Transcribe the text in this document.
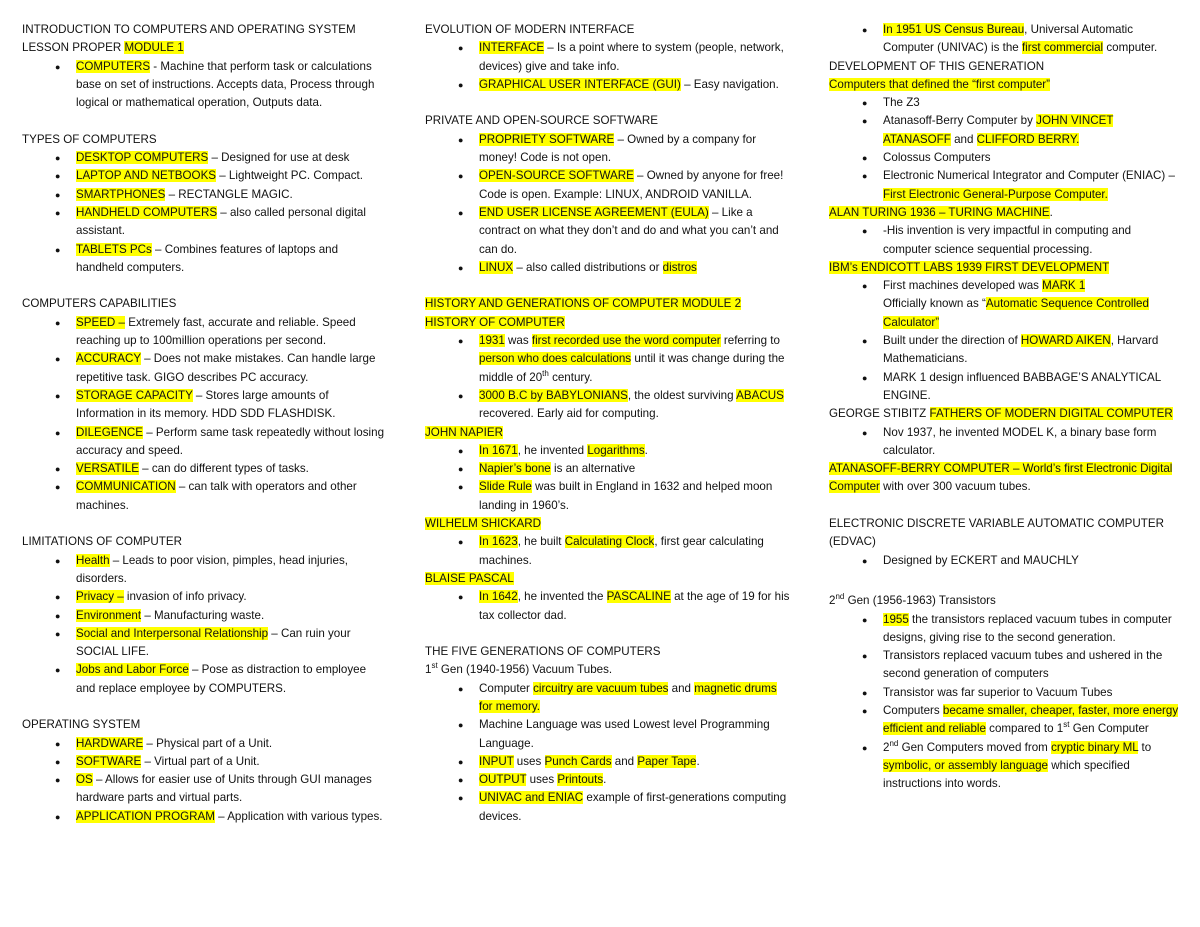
INTRODUCTION TO COMPUTERS AND OPERATING SYSTEM
LESSON PROPER MODULE 1
● COMPUTERS - Machine that perform task or calculations base on set of instructions. Accepts data, Process through logical or mathematical operation, Outputs data.
TYPES OF COMPUTERS
● DESKTOP COMPUTERS – Designed for use at desk
● LAPTOP AND NETBOOKS – Lightweight PC. Compact.
● SMARTPHONES – RECTANGLE MAGIC.
● HANDHELD COMPUTERS – also called personal digital assistant.
● TABLETS PCs – Combines features of laptops and handheld computers.
COMPUTERS CAPABILITIES
● SPEED – Extremely fast, accurate and reliable. Speed reaching up to 100million operations per second.
● ACCURACY – Does not make mistakes. Can handle large repetitive task. GIGO describes PC accuracy.
● STORAGE CAPACITY – Stores large amounts of Information in its memory. HDD SDD FLASHDISK.
● DILEGENCE – Perform same task repeatedly without losing accuracy and speed.
● VERSATILE – can do different types of tasks.
● COMMUNICATION – can talk with operators and other machines.
LIMITATIONS OF COMPUTER
● Health – Leads to poor vision, pimples, head injuries, disorders.
● Privacy – invasion of info privacy.
● Environment – Manufacturing waste.
● Social and Interpersonal Relationship – Can ruin your SOCIAL LIFE.
● Jobs and Labor Force – Pose as distraction to employee and replace employee by COMPUTERS.
OPERATING SYSTEM
● HARDWARE – Physical part of a Unit.
● SOFTWARE – Virtual part of a Unit.
● OS – Allows for easier use of Units through GUI manages hardware parts and virtual parts.
● APPLICATION PROGRAM – Application with various types.
EVOLUTION OF MODERN INTERFACE
● INTERFACE – Is a point where to system (people, network, devices) give and take info.
● GRAPHICAL USER INTERFACE (GUI) – Easy navigation.
PRIVATE AND OPEN-SOURCE SOFTWARE
● PROPRIETY SOFTWARE – Owned by a company for money! Code is not open.
● OPEN-SOURCE SOFTWARE – Owned by anyone for free! Code is open. Example: LINUX, ANDROID VANILLA.
● END USER LICENSE AGREEMENT (EULA) – Like a contract on what they don’t and do and what you can’t and can do.
● LINUX – also called distributions or distros
HISTORY AND GENERATIONS OF COMPUTER MODULE 2
HISTORY OF COMPUTER
● 1931 was first recorded use the word computer referring to person who does calculations until it was change during the middle of 20th century.
● 3000 B.C by BABYLONIANS, the oldest surviving ABACUS recovered. Early aid for computing.
JOHN NAPIER
● In 1671, he invented Logarithms.
● Napier’s bone is an alternative
● Slide Rule was built in England in 1632 and helped moon landing in 1960’s.
WILHELM SHICKARD
● In 1623, he built Calculating Clock, first gear calculating machines.
BLAISE PASCAL
● In 1642, he invented the PASCALINE at the age of 19 for his tax collector dad.
THE FIVE GENERATIONS OF COMPUTERS
1st Gen (1940-1956) Vacuum Tubes.
● Computer circuitry are vacuum tubes and magnetic drums for memory.
● Machine Language was used Lowest level Programming Language.
● INPUT uses Punch Cards and Paper Tape.
● OUTPUT uses Printouts.
● UNIVAC and ENIAC example of first-generations computing devices.
● In 1951 US Census Bureau, Universal Automatic Computer (UNIVAC) is the first commercial computer.
DEVELOPMENT OF THIS GENERATION
Computers that defined the “first computer”
● The Z3
● Atanasoff-Berry Computer by JOHN VINCET ATANASOFF and CLIFFORD BERRY.
● Colossus Computers
● Electronic Numerical Integrator and Computer (ENIAC) – First Electronic General-Purpose Computer.
ALAN TURING 1936 – TURING MACHINE.
● -His invention is very impactful in computing and computer science sequential processing.
IBM’s ENDICOTT LABS 1939 FIRST DEVELOPMENT
● First machines developed was MARK 1
Officially known as “Automatic Sequence Controlled Calculator”
● Built under the direction of HOWARD AIKEN, Harvard Mathematicians.
● MARK 1 design influenced BABBAGE’S ANALYTICAL ENGINE.
GEORGE STIBITZ FATHERS OF MODERN DIGITAL COMPUTER
● Nov 1937, he invented MODEL K, a binary base form calculator.
ATANASOFF-BERRY COMPUTER – World’s first Electronic Digital Computer with over 300 vacuum tubes.
ELECTRONIC DISCRETE VARIABLE AUTOMATIC COMPUTER
(EDVAC)
● Designed by ECKERT and MAUCHLY
2nd Gen (1956-1963) Transistors
● 1955 the transistors replaced vacuum tubes in computer designs, giving rise to the second generation.
● Transistors replaced vacuum tubes and ushered in the second generation of computers
● Transistor was far superior to Vacuum Tubes
● Computers became smaller, cheaper, faster, more energy efficient and reliable compared to 1st Gen Computer
● 2nd Gen Computers moved from cryptic binary ML to symbolic, or assembly language which specified instructions into words.
